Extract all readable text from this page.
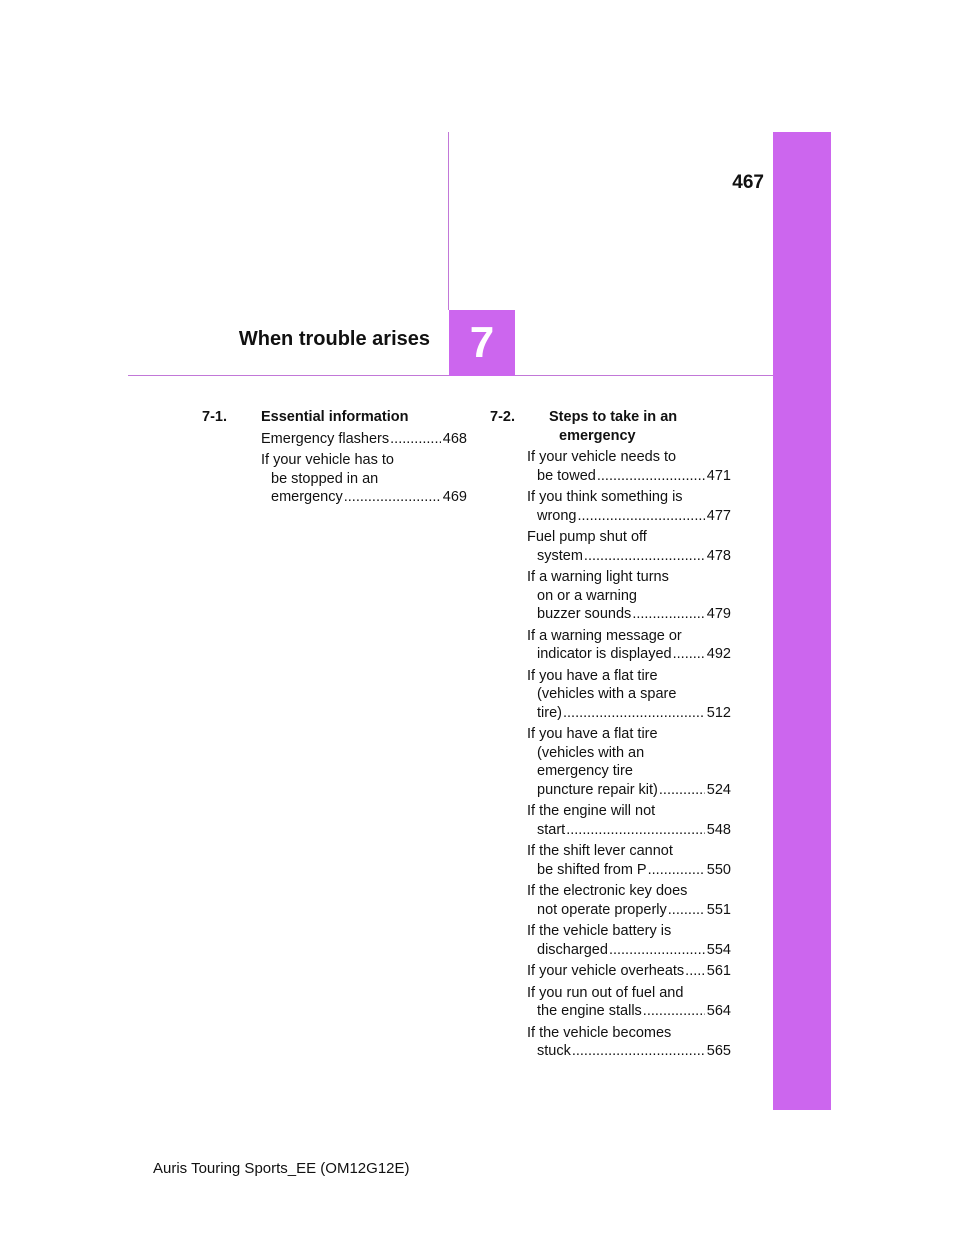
467
When trouble arises 7
7-1.	Essential information
Emergency flashers .....	468
If your vehicle has to
be stopped in an
emergency .....	469
7-2.	Steps to take in an
emergency
If your vehicle needs to
be towed .....	471
If you think something is
wrong .....	477
Fuel pump shut off
system .....	478
If a warning light turns
on or a warning
buzzer sounds .....	479
If a warning message or
indicator is displayed ..... 492
If you have a flat tire
(vehicles with a spare
tire) .....	512
If you have a flat tire
(vehicles with an
emergency tire
puncture repair kit) .....	524
If the engine will not
start .....	548
If the shift lever cannot
be shifted from P .....	550
If the electronic key does
not operate properly .....	551
If the vehicle battery is
discharged .....	554
If your vehicle overheats ..... 561
If you run out of fuel and
the engine stalls .....	564
If the vehicle becomes
stuck .....	565
Auris Touring Sports_EE (OM12G12E)
